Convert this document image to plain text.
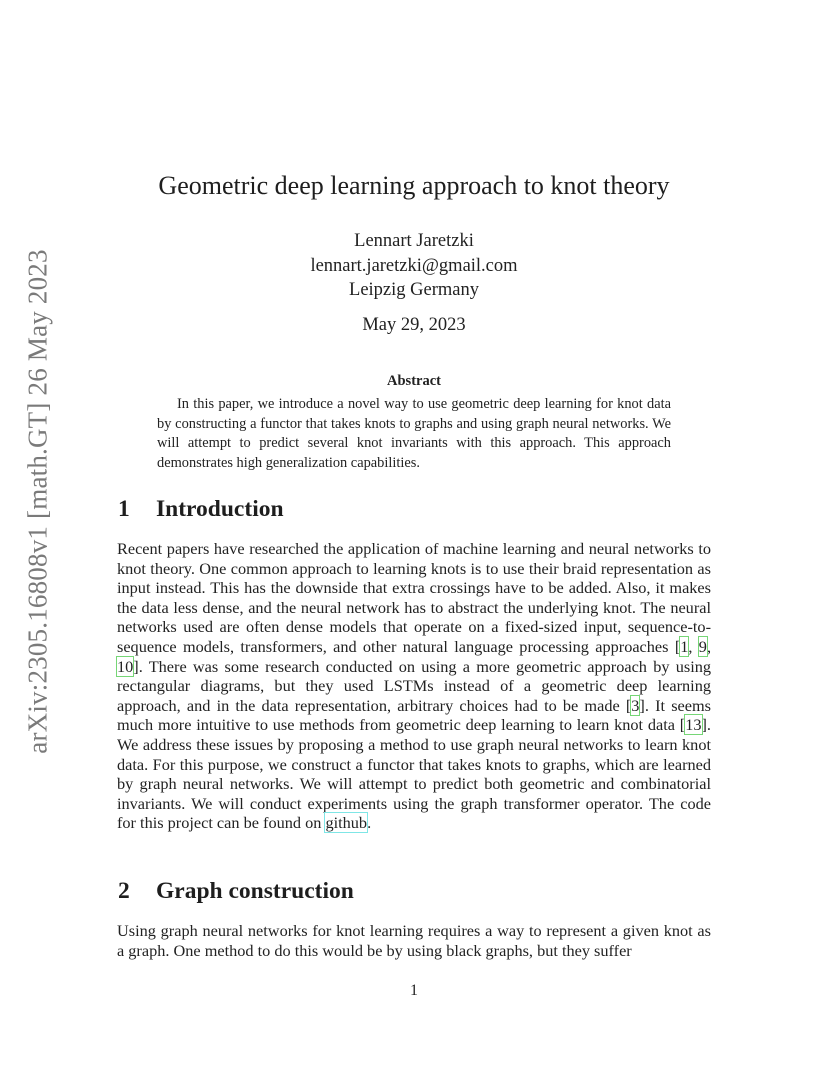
arXiv:2305.16808v1 [math.GT] 26 May 2023
Geometric deep learning approach to knot theory
Lennart Jaretzki
lennart.jaretzki@gmail.com
Leipzig Germany
May 29, 2023
Abstract

In this paper, we introduce a novel way to use geometric deep learning for knot data by constructing a functor that takes knots to graphs and using graph neural networks. We will attempt to predict several knot invariants with this approach. This approach demonstrates high generalization capabilities.

1 Introduction

Recent papers have researched the application of machine learning and neural networks to knot theory. One common approach to learning knots is to use their braid representation as input instead. This has the downside that extra crossings have to be added. Also, it makes the data less dense, and the neural network has to abstract the underlying knot. The neural networks used are often dense models that operate on a fixed-sized input, sequence-to-sequence models, transformers, and other natural language processing approaches [1, 9, 10]. There was some research conducted on using a more geometric approach by using rectangular diagrams, but they used LSTMs instead of a geometric deep learning approach, and in the data representation, arbitrary choices had to be made [3]. It seems much more intuitive to use methods from geometric deep learning to learn knot data [13]. We address these issues by proposing a method to use graph neural networks to learn knot data. For this purpose, we construct a functor that takes knots to graphs, which are learned by graph neural networks. We will attempt to predict both geometric and combinatorial invariants. We will conduct experiments using the graph transformer operator. The code for this project can be found on github.

2 Graph construction

Using graph neural networks for knot learning requires a way to represent a given knot as a graph. One method to do this would be by using black graphs, but they suffer

1
